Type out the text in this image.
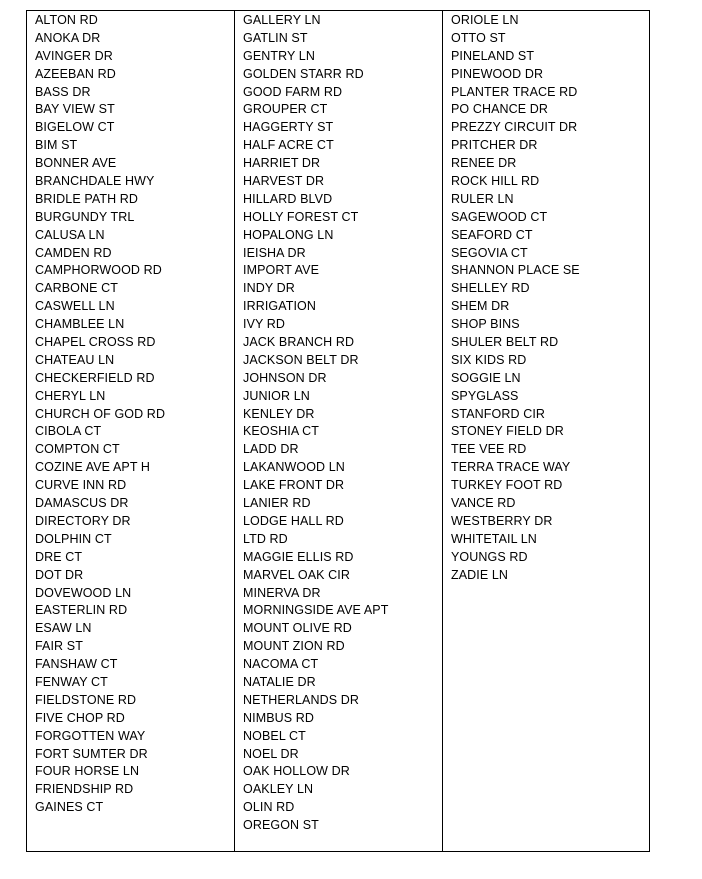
ALTON RD
ANOKA DR
AVINGER DR
AZEEBAN RD
BASS DR
BAY VIEW ST
BIGELOW CT
BIM ST
BONNER AVE
BRANCHDALE HWY
BRIDLE PATH RD
BURGUNDY TRL
CALUSA LN
CAMDEN RD
CAMPHORWOOD RD
CARBONE CT
CASWELL LN
CHAMBLEE LN
CHAPEL CROSS RD
CHATEAU LN
CHECKERFIELD RD
CHERYL LN
CHURCH OF GOD RD
CIBOLA CT
COMPTON CT
COZINE AVE APT H
CURVE INN RD
DAMASCUS DR
DIRECTORY DR
DOLPHIN CT
DRE CT
DOT DR
DOVEWOOD LN
EASTERLIN RD
ESAW LN
FAIR ST
FANSHAW CT
FENWAY CT
FIELDSTONE RD
FIVE CHOP RD
FORGOTTEN WAY
FORT SUMTER DR
FOUR HORSE LN
FRIENDSHIP RD
GAINES CT
GALLERY LN
GATLIN ST
GENTRY LN
GOLDEN STARR RD
GOOD FARM RD
GROUPER CT
HAGGERTY ST
HALF ACRE CT
HARRIET DR
HARVEST DR
HILLARD BLVD
HOLLY FOREST CT
HOPALONG LN
IEISHA DR
IMPORT AVE
INDY DR
IRRIGATION
IVY RD
JACK BRANCH RD
JACKSON BELT DR
JOHNSON DR
JUNIOR LN
KENLEY DR
KEOSHIA CT
LADD DR
LAKANWOOD LN
LAKE FRONT DR
LANIER RD
LODGE HALL RD
LTD RD
MAGGIE ELLIS RD
MARVEL OAK CIR
MINERVA DR
MORNINGSIDE AVE APT
MOUNT OLIVE RD
MOUNT ZION RD
NACOMA CT
NATALIE DR
NETHERLANDS DR
NIMBUS RD
NOBEL CT
NOEL DR
OAK HOLLOW DR
OAKLEY LN
OLIN RD
OREGON ST
ORIOLE LN
OTTO ST
PINELAND ST
PINEWOOD DR
PLANTER TRACE RD
PO CHANCE DR
PREZZY CIRCUIT DR
PRITCHER DR
RENEE DR
ROCK HILL RD
RULER LN
SAGEWOOD CT
SEAFORD CT
SEGOVIA CT
SHANNON PLACE SE
SHELLEY RD
SHEM DR
SHOP BINS
SHULER BELT RD
SIX KIDS RD
SOGGIE LN
SPYGLASS
STANFORD CIR
STONEY FIELD DR
TEE VEE RD
TERRA TRACE WAY
TURKEY FOOT RD
VANCE RD
WESTBERRY DR
WHITETAIL LN
YOUNGS RD
ZADIE LN
